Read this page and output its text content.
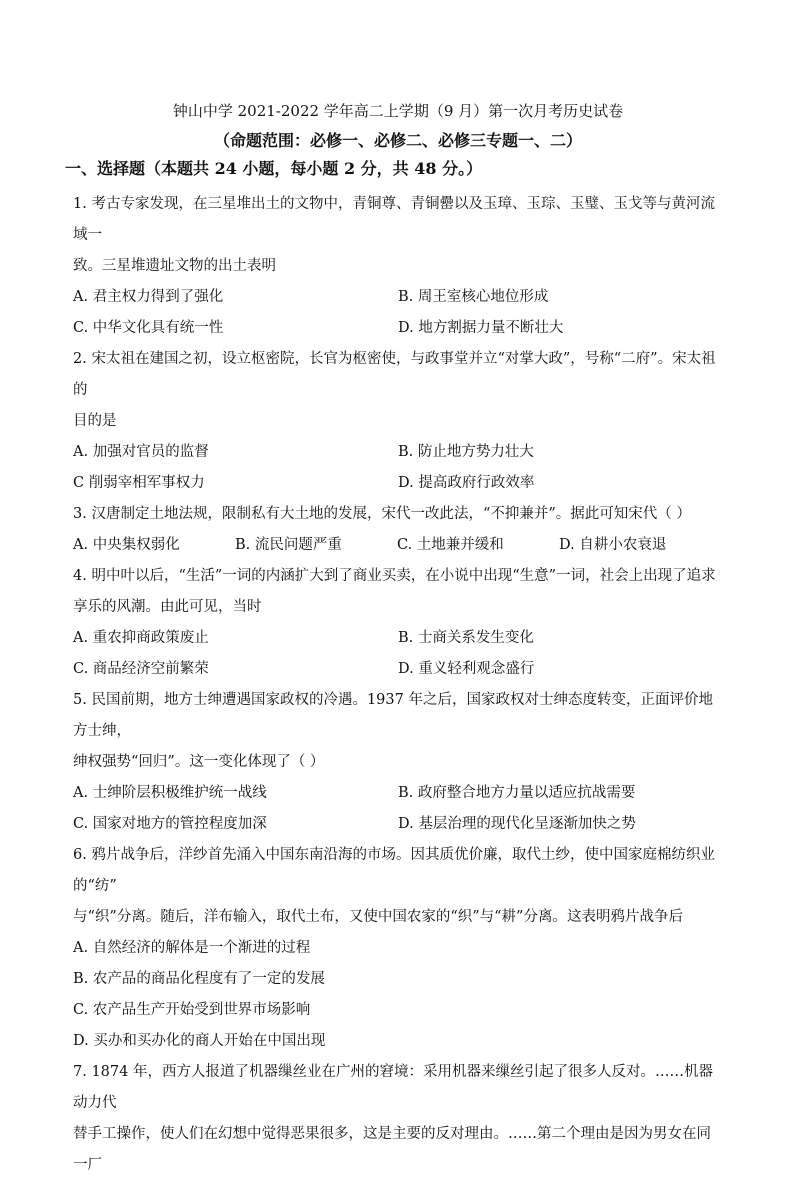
钟山中学 2021-2022 学年高二上学期（9 月）第一次月考历史试卷
（命题范围：必修一、必修二、必修三专题一、二）
一、选择题（本题共 24 小题，每小题 2 分，共 48 分。）
1. 考古专家发现，在三星堆出土的文物中，青铜尊、青铜罍以及玉璋、玉琮、玉璧、玉戈等与黄河流域一
致。三星堆遗址文物的出土表明
A. 君主权力得到了强化	B. 周王室核心地位形成
C. 中华文化具有统一性	D. 地方割据力量不断壮大
2. 宋太祖在建国之初，设立枢密院，长官为枢密使，与政事堂并立“对掌大政”，号称“二府”。宋太祖的
目的是
A. 加强对官员的监督	B. 防止地方势力壮大
C 削弱宰相军事权力	D. 提高政府行政效率
3. 汉唐制定土地法规，限制私有大土地的发展，宋代一改此法，“不抑兼并”。据此可知宋代（ ）
A. 中央集权弱化	B. 流民问题严重	C. 土地兼并缓和	D. 自耕小农衰退
4. 明中叶以后，“生活”一词的内涵扩大到了商业买卖，在小说中出现“生意”一词，社会上出现了追求
享乐的风潮。由此可见，当时
A. 重农抑商政策废止	B. 士商关系发生变化
C. 商品经济空前繁荣	D. 重义轻利观念盛行
5. 民国前期，地方士绅遭遇国家政权的冷遇。1937 年之后，国家政权对士绅态度转变，正面评价地方士绅，
绅权强势“回归”。这一变化体现了（ ）
A. 士绅阶层积极维护统一战线	B. 政府整合地方力量以适应抗战需要
C. 国家对地方的管控程度加深	D. 基层治理的现代化呈逐渐加快之势
6. 鸦片战争后，洋纱首先涌入中国东南沿海的市场。因其质优价廉，取代土纱，使中国家庭棉纺织业的“纺”
与“织”分离。随后，洋布输入，取代土布，又使中国农家的“织”与“耕”分离。这表明鸦片战争后
A. 自然经济的解体是一个渐进的过程
B. 农产品的商品化程度有了一定的发展
C. 农产品生产开始受到世界市场影响
D. 买办和买办化的商人开始在中国出现
7. 1874 年，西方人报道了机器缫丝业在广州的窘境：采用机器来缫丝引起了很多人反对。……机器动力代
替手工操作，使人们在幻想中觉得恶果很多，这是主要的反对理由。……第二个理由是因为男女在同一厂
